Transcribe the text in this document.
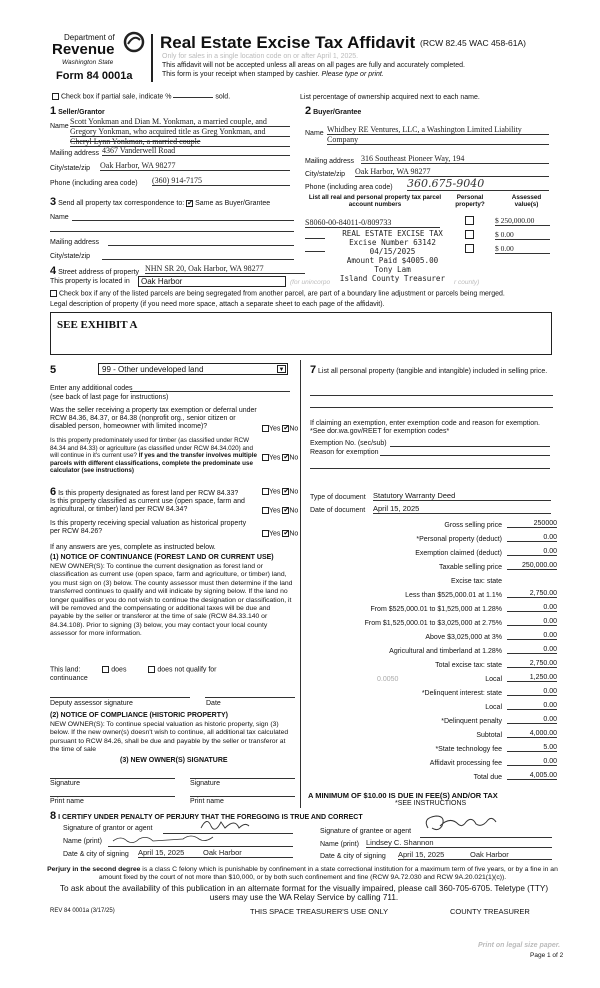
Department of
Revenue
Washington State
Form 84 0001a
Real Estate Excise Tax Affidavit (RCW 82.45 WAC 458-61A)
Only for sales in a single location code on or after April 1, 2025.
This affidavit will not be accepted unless all areas on all pages are fully and accurately completed.
This form is your receipt when stamped by cashier. Please type or print.
Check box if partial sale, indicate %	sold.	List percentage of ownership acquired next to each name.
1 Seller/Grantor
Name
Scott Yonkman and Dian M. Yonkman, a married couple, and
Gregory Yonkman, who acquired title as Greg Yonkman, and
Cheryl Lynn Yonkman, a married couple
Mailing address 4367 Vanderwell Road
City/state/zip Oak Harbor, WA 98277
Phone (including area code) (360) 914-7175
2 Buyer/Grantee
Name Whidbey RE Ventures, LLC, a Washington Limited Liability
Company
Mailing address 316 Southeast Pioneer Way, 194
City/state/zip Oak Harbor, WA 98277
Phone (including area code) 360.675-9040
3 Send all property tax correspondence to: ✔ Same as Buyer/Grantee
Name
Mailing address
City/state/zip
List all real and personal property tax parcel account numbers
Personal property?
Assessed value(s)
S8060-00-84011-0/809733	$ 250,000.00
$ 0.00
$ 0.00
REAL ESTATE EXCISE TAX
Excise Number 63142
04/15/2025
Amount Paid $4005.00
Tony Lam
Island County Treasurer
4 Street address of property NHN SR 20, Oak Harbor, WA 98277
This property is located in	Oak Harbor	(for unincorpo	r county)
Check box if any of the listed parcels are being segregated from another parcel, are part of a boundary line adjustment or parcels being merged.
Legal description of property (if you need more space, attach a separate sheet to each page of the affidavit).
SEE EXHIBIT A
5	99 - Other undeveloped land	▼
Enter any additional codes
(see back of last page for instructions)
Was the seller receiving a property tax exemption or deferral under RCW 84.36, 84.37, or 84.38 (nonprofit org., senior citizen or disabled person, homeowner with limited income)?	Yes ✔ No
Is this property predominately used for timber (as classified under RCW 84.34 and 84.33) or agriculture (as classified under RCW 84.34.020) and will continue in it's current use? If yes and the transfer involves multiple parcels with different classifications, complete the predominate use calculator (see instructions)
Yes ✔ No
7 List all personal property (tangible and intangible) included in selling price.
If claiming an exemption, enter exemption code and reason for exemption. *See dor.wa.gov/REET for exemption codes*
Exemption No. (sec/sub)
Reason for exemption
6 Is this property designated as forest land per RCW 84.33?	Yes ✔ No
Is this property classified as current use (open space, farm and agricultural, or timber) land per RCW 84.34?	Yes ✔ No
Is this property receiving special valuation as historical property per RCW 84.26?	Yes ✔ No
If any answers are yes, complete as instructed below.
(1) NOTICE OF CONTINUANCE (FOREST LAND OR CURRENT USE)
NEW OWNER(S): To continue the current designation as forest land or classification as current use (open space, farm and agriculture, or timber) land, you must sign on (3) below. The county assessor must then determine if the land transferred continues to qualify and will indicate by signing below. If the land no longer qualifies or you do not wish to continue the designation or classification, it will be removed and the compensating or additional taxes will be due and payable by the seller or transferor at the time of sale (RCW 84.33.140 or 84.34.108). Prior to signing (3) below, you may contact your local county assessor for more information.
This land:	does	does not qualify for
continuance
Deputy assessor signature	Date
(2) NOTICE OF COMPLIANCE (HISTORIC PROPERTY)
NEW OWNER(S): To continue special valuation as historic property, sign (3) below. If the new owner(s) doesn't wish to continue, all additional tax calculated pursuant to RCW 84.26, shall be due and payable by the seller or transferor at the time of sale
(3) NEW OWNER(S) SIGNATURE
Signature	Signature
Print name	Print name
Type of document Statutory Warranty Deed
Date of document April 15, 2025
Gross selling price	250000
*Personal property (deduct)	0.00
Exemption claimed (deduct)	0.00
Taxable selling price	250,000.00
Excise tax: state
Less than $525,000.01 at 1.1%	2,750.00
From $525,000.01 to $1,525,000 at 1.28%	0.00
From $1,525,000.01 to $3,025,000 at 2.75%	0.00
Above $3,025,000 at 3%	0.00
Agricultural and timberland at 1.28%	0.00
Total excise tax: state	2,750.00
Local	1,250.00
*Delinquent interest: state	0.00
Local	0.00
*Delinquent penalty	0.00
Subtotal	4,000.00
*State technology fee	5.00
Affidavit processing fee	0.00
Total due	4,005.00
0.0050
A MINIMUM OF $10.00 IS DUE IN FEE(S) AND/OR TAX
*SEE INSTRUCTIONS
8 I CERTIFY UNDER PENALTY OF PERJURY THAT THE FOREGOING IS TRUE AND CORRECT
Signature of grantor or agent
Name (print)
Date & city of signing April 15, 2025	Oak Harbor
Signature of grantee or agent
Name (print) Lindsey C. Shannon
Date & city of signing April 15, 2025	Oak Harbor
Perjury in the second degree is a class C felony which is punishable by confinement in a state correctional institution for a maximum term of five years, or by a fine in an amount fixed by the court of not more than $10,000, or by both such confinement and fine (RCW 9A.72.030 and RCW 9A.20.021(1)(c)).
To ask about the availability of this publication in an alternate format for the visually impaired, please call 360-705-6705. Teletype (TTY) users may use the WA Relay Service by calling 711.
REV 84 0001a (3/17/25)	THIS SPACE TREASURER'S USE ONLY	COUNTY TREASURER
Print on legal size paper.
Page 1 of 2
